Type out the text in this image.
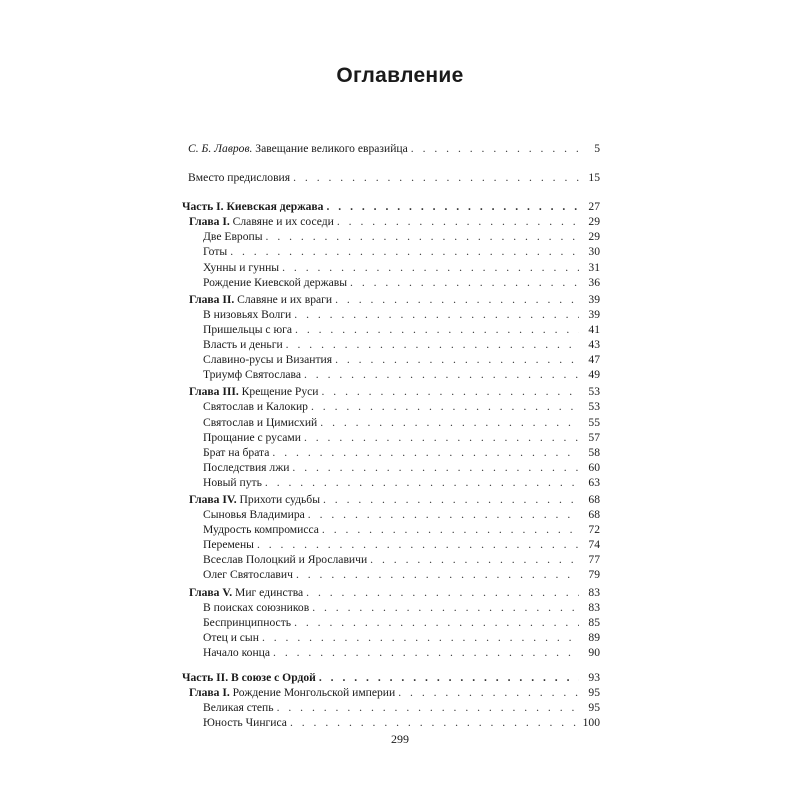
Оглавление
С. Б. Лавров. Завещание великого евразийца . . .	5
Вместо предисловия . . .	15
Часть I. Киевская держава . . .	27
Глава I. Славяне и их соседи . . .	29
Две Европы . . .	29
Готы . . .	30
Хунны и гунны . . .	31
Рождение Киевской державы . . .	36
Глава II. Славяне и их враги . . .	39
В низовьях Волги . . .	39
Пришельцы с юга . . .	41
Власть и деньги . . .	43
Славино-русы и Византия . . .	47
Триумф Святослава . . .	49
Глава III. Крещение Руси . . .	53
Святослав и Калокир . . .	53
Святослав и Цимисхий . . .	55
Прощание с русами . . .	57
Брат на брата . . .	58
Последствия лжи . . .	60
Новый путь . . .	63
Глава IV. Прихоти судьбы . . .	68
Сыновья Владимира . . .	68
Мудрость компромисса . . .	72
Перемены . . .	74
Всеслав Полоцкий и Ярославичи . . .	77
Олег Святославич . . .	79
Глава V. Миг единства . . .	83
В поисках союзников . . .	83
Беспринципность . . .	85
Отец и сын . . .	89
Начало конца . . .	90
Часть II. В союзе с Ордой . . .	93
Глава I. Рождение Монгольской империи . . .	95
Великая степь . . .	95
Юность Чингиса . . .	100
299
